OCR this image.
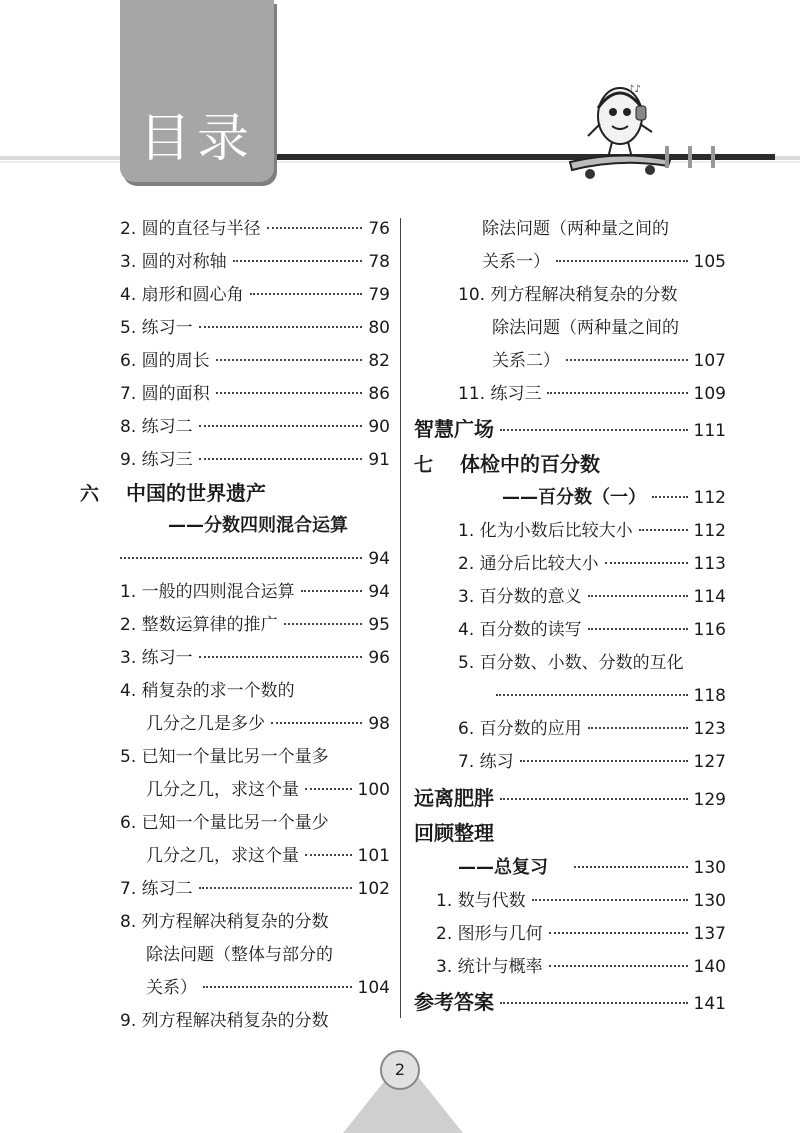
目录
♪♪
2. 圆的直径与半径	76
3. 圆的对称轴	78
4. 扇形和圆心角	79
5. 练习一	80
6. 圆的周长	82
7. 圆的面积	86
8. 练习二	90
9. 练习三	91
六	中国的世界遗产
——分数四则混合运算
94
1. 一般的四则混合运算	94
2. 整数运算律的推广	95
3. 练习一	96
4. 稍复杂的求一个数的
几分之几是多少	98
5. 已知一个量比另一个量多
几分之几，求这个量	100
6. 已知一个量比另一个量少
几分之几，求这个量	101
7. 练习二	102
8. 列方程解决稍复杂的分数
除法问题（整体与部分的
关系）	104
9. 列方程解决稍复杂的分数
除法问题（两种量之间的
关系一）	105
10. 列方程解决稍复杂的分数
除法问题（两种量之间的
关系二）	107
11. 练习三	109
智慧广场	111
七	体检中的百分数
——百分数（一）	112
1. 化为小数后比较大小	112
2. 通分后比较大小	113
3. 百分数的意义	114
4. 百分数的读写	116
5. 百分数、小数、分数的互化
118
6. 百分数的应用	123
7. 练习	127
远离肥胖	129
回顾整理
——总复习	130
1. 数与代数	130
2. 图形与几何	137
3. 统计与概率	140
参考答案	141
2
